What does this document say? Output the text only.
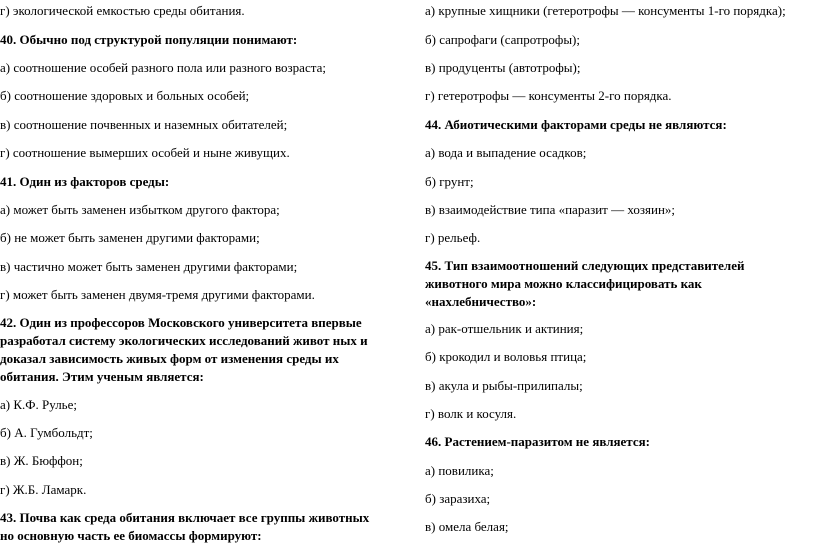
г) экологической емкостью среды обитания.
40. Обычно под структурой популяции понимают:
а) соотношение особей разного пола или разного возраста;
б) соотношение здоровых и больных особей;
в) соотношение почвенных и наземных обитателей;
г) соотношение вымерших особей и ныне живущих.
41. Один из факторов среды:
а) может быть заменен избытком другого фактора;
б) не может быть заменен другими факторами;
в) частично может быть заменен другими факторами;
г) может быть заменен двумя-тремя другими факторами.
42. Один из профессоров Московского университета впервые разработал систему экологических исследований живот ных и доказал зависимость живых форм от изменения среды их обитания. Этим ученым является:
а) К.Ф. Рулье;
б) А. Гумбольдт;
в) Ж. Бюффон;
г) Ж.Б. Ламарк.
43. Почва как среда обитания включает все группы животных но основную часть ее биомассы формируют:
а) крупные хищники (гетеротрофы — консументы 1-го порядка);
б) сапрофаги (сапротрофы);
в) продуценты (автотрофы);
г) гетеротрофы — консументы 2-го порядка.
44. Абиотическими факторами среды не являются:
а) вода и выпадение осадков;
б) грунт;
в) взаимодействие типа «паразит — хозяин»;
г) рельеф.
45. Тип взаимоотношений следующих представителей животного мира можно классифицировать как «нахлебничество»:
а) рак-отшельник и актиния;
б) крокодил и воловья птица;
в) акула и рыбы-прилипалы;
г) волк и косуля.
46. Растением-паразитом не является:
а) повилика;
б) заразиха;
в) омела белая;
